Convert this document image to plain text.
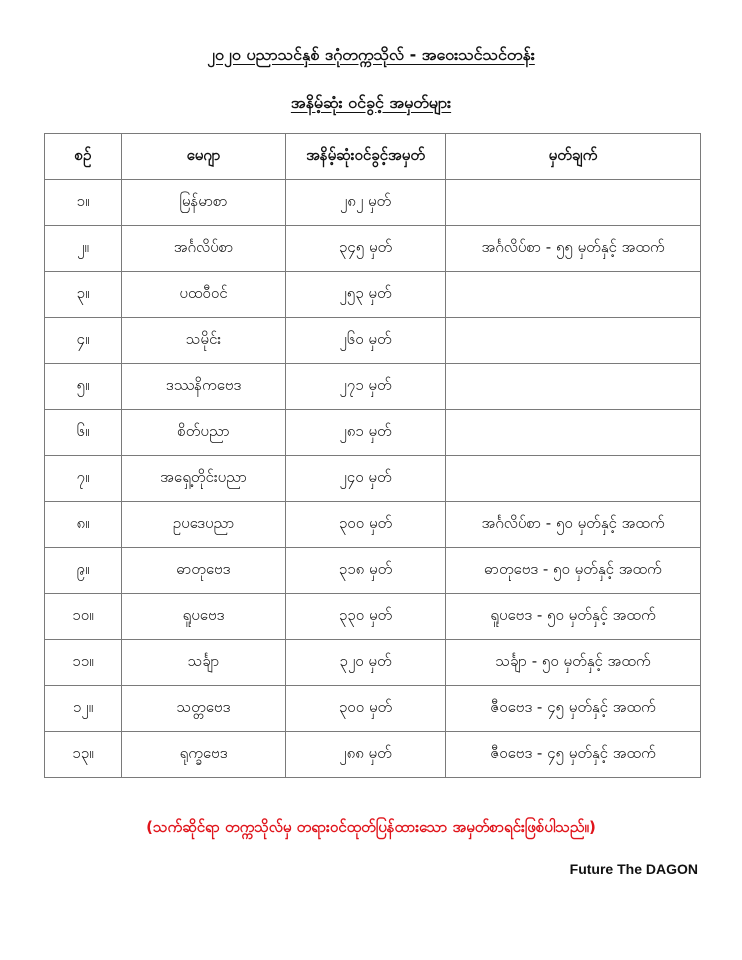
၂၀၂၀ ပညာသင်နှစ် ဒဂုံတက္ကသိုလ် - အဝေးသင်သင်တန်း
အနိမ့်ဆုံး ဝင်ခွင့် အမှတ်များ
စဉ်	မေဂျာ	အနိမ့်ဆုံးဝင်ခွင့်အမှတ်	မှတ်ချက်
၁။	မြန်မာစာ	၂၈၂ မှတ်	
၂။	အင်္ဂလိပ်စာ	၃၄၅ မှတ်	အင်္ဂလိပ်စာ - ၅၅ မှတ်နှင့် အထက်
၃။	ပထဝီဝင်	၂၅၃ မှတ်	
၄။	သမိုင်း	၂၆၀ မှတ်	
၅။	ဒဿနိကဗေဒ	၂၇၁ မှတ်	
၆။	စိတ်ပညာ	၂၈၁ မှတ်	
၇။	အရှေ့တိုင်းပညာ	၂၄၀ မှတ်	
၈။	ဥပဒေပညာ	၃၀၀ မှတ်	အင်္ဂလိပ်စာ - ၅၀ မှတ်နှင့် အထက်
၉။	ဓာတုဗေဒ	၃၁၈ မှတ်	ဓာတုဗေဒ - ၅၀ မှတ်နှင့် အထက်
၁၀။	ရူပဗေဒ	၃၃၀ မှတ်	ရူပဗေဒ - ၅၀ မှတ်နှင့် အထက်
၁၁။	သင်္ချာ	၃၂၀ မှတ်	သင်္ချာ - ၅၀ မှတ်နှင့် အထက်
၁၂။	သတ္တဗေဒ	၃၀၀ မှတ်	ဇီဝဗေဒ - ၄၅ မှတ်နှင့် အထက်
၁၃။	ရုက္ခဗေဒ	၂၈၈ မှတ်	ဇီဝဗေဒ - ၄၅ မှတ်နှင့် အထက်
(သက်ဆိုင်ရာ တက္ကသိုလ်မှ တရားဝင်ထုတ်ပြန်ထားသော အမှတ်စာရင်းဖြစ်ပါသည်။)
Future The DAGON
